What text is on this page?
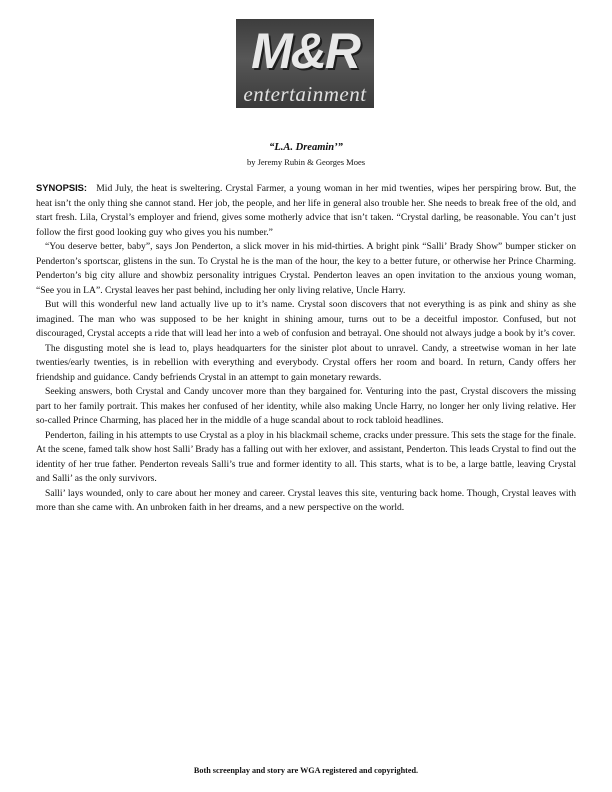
M&R
entertainment
“L.A. Dreamin’”
by Jeremy Rubin & Georges Moes

SYNOPSIS: Mid July, the heat is sweltering. Crystal Farmer, a young woman in her mid twenties, wipes her perspiring brow. But, the heat isn’t the only thing she cannot stand. Her job, the people, and her life in general also trouble her. She needs to break free of the old, and start fresh. Lila, Crystal’s employer and friend, gives some motherly advice that isn’t taken. “Crystal darling, be reasonable. You can’t just follow the first good looking guy who gives you his number.”

“You deserve better, baby”, says Jon Penderton, a slick mover in his mid-thirties. A bright pink “Salli’ Brady Show” bumper sticker on Penderton’s sportscar, glistens in the sun. To Crystal he is the man of the hour, the key to a better future, or otherwise her Prince Charming. Penderton’s big city allure and showbiz personality intrigues Crystal. Penderton leaves an open invitation to the anxious young woman, “See you in LA”. Crystal leaves her past behind, including her only living relative, Uncle Harry.

But will this wonderful new land actually live up to it’s name. Crystal soon discovers that not everything is as pink and shiny as she imagined. The man who was supposed to be her knight in shining amour, turns out to be a deceitful impostor. Confused, but not discouraged, Crystal accepts a ride that will lead her into a web of confusion and betrayal. One should not always judge a book by it’s cover.

The disgusting motel she is lead to, plays headquarters for the sinister plot about to unravel. Candy, a streetwise woman in her late twenties/early twenties, is in rebellion with everything and everybody. Crystal offers her room and board. In return, Candy offers her friendship and guidance. Candy befriends Crystal in an attempt to gain monetary rewards.

Seeking answers, both Crystal and Candy uncover more than they bargained for. Venturing into the past, Crystal discovers the missing part to her family portrait. This makes her confused of her identity, while also making Uncle Harry, no longer her only living relative. Her so-called Prince Charming, has placed her in the middle of a huge scandal about to rock tabloid headlines.

Penderton, failing in his attempts to use Crystal as a ploy in his blackmail scheme, cracks under pressure. This sets the stage for the finale. At the scene, famed talk show host Salli’ Brady has a falling out with her exlover, and assistant, Penderton. This leads Crystal to find out the identity of her true father. Penderton reveals Salli’s true and former identity to all. This starts, what is to be, a large battle, leaving Crystal and Salli’ as the only survivors.

Salli’ lays wounded, only to care about her money and career. Crystal leaves this site, venturing back home. Though, Crystal leaves with more than she came with. An unbroken faith in her dreams, and a new perspective on the world.

Both screenplay and story are WGA registered and copyrighted.
